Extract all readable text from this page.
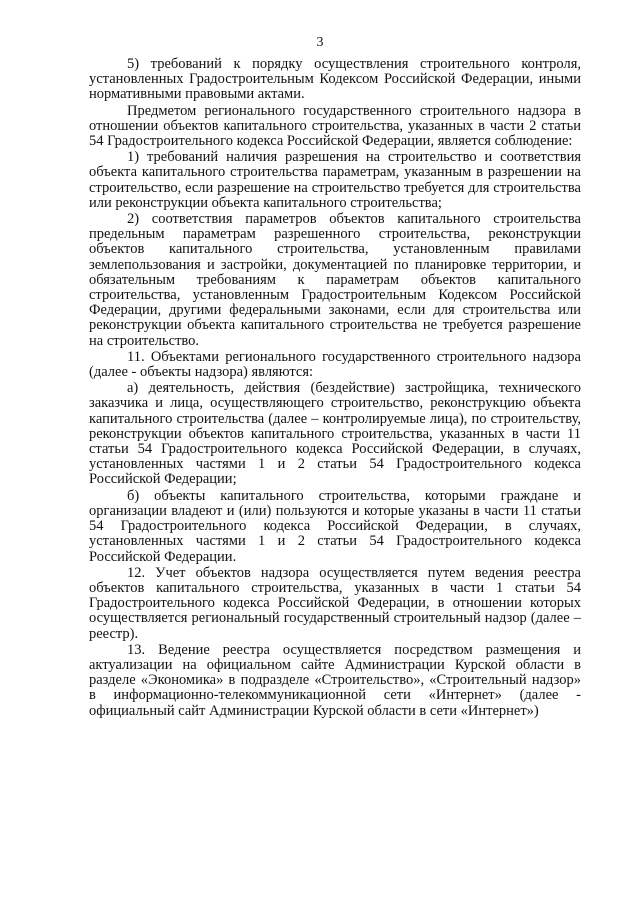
3

5) требований к порядку осуществления строительного контроля, установленных Градостроительным Кодексом Российской Федерации, иными нормативными правовыми актами.

Предметом регионального государственного строительного надзора в отношении объектов капитального строительства, указанных в части 2 статьи 54 Градостроительного кодекса Российской Федерации, является соблюдение:

1) требований наличия разрешения на строительство и соответствия объекта капитального строительства параметрам, указанным в разрешении на строительство, если разрешение на строительство требуется для строительства или реконструкции объекта капитального строительства;

2) соответствия параметров объектов капитального строительства предельным параметрам разрешенного строительства, реконструкции объектов капитального строительства, установленным правилами землепользования и застройки, документацией по планировке территории, и обязательным требованиям к параметрам объектов капитального строительства, установленным Градостроительным Кодексом Российской Федерации, другими федеральными законами, если для строительства или реконструкции объекта капитального строительства не требуется разрешение на строительство.

11. Объектами регионального государственного строительного надзора (далее - объекты надзора) являются:

а) деятельность, действия (бездействие) застройщика, технического заказчика и лица, осуществляющего строительство, реконструкцию объекта капитального строительства (далее – контролируемые лица), по строительству, реконструкции объектов капитального строительства, указанных в части 11 статьи 54 Градостроительного кодекса Российской Федерации, в случаях, установленных частями 1 и 2 статьи 54 Градостроительного кодекса Российской Федерации;

б) объекты капитального строительства, которыми граждане и организации владеют и (или) пользуются и которые указаны в части 11 статьи 54 Градостроительного кодекса Российской Федерации, в случаях, установленных частями 1 и 2 статьи 54 Градостроительного кодекса Российской Федерации.

12. Учет объектов надзора осуществляется путем ведения реестра объектов капитального строительства, указанных в части 1 статьи 54 Градостроительного кодекса Российской Федерации, в отношении которых осуществляется региональный государственный строительный надзор (далее – реестр).

13. Ведение реестра осуществляется посредством размещения и актуализации на официальном сайте Администрации Курской области в разделе «Экономика» в подразделе «Строительство», «Строительный надзор» в информационно-телекоммуникационной сети «Интернет» (далее - официальный сайт Администрации Курской области в сети «Интернет»)
